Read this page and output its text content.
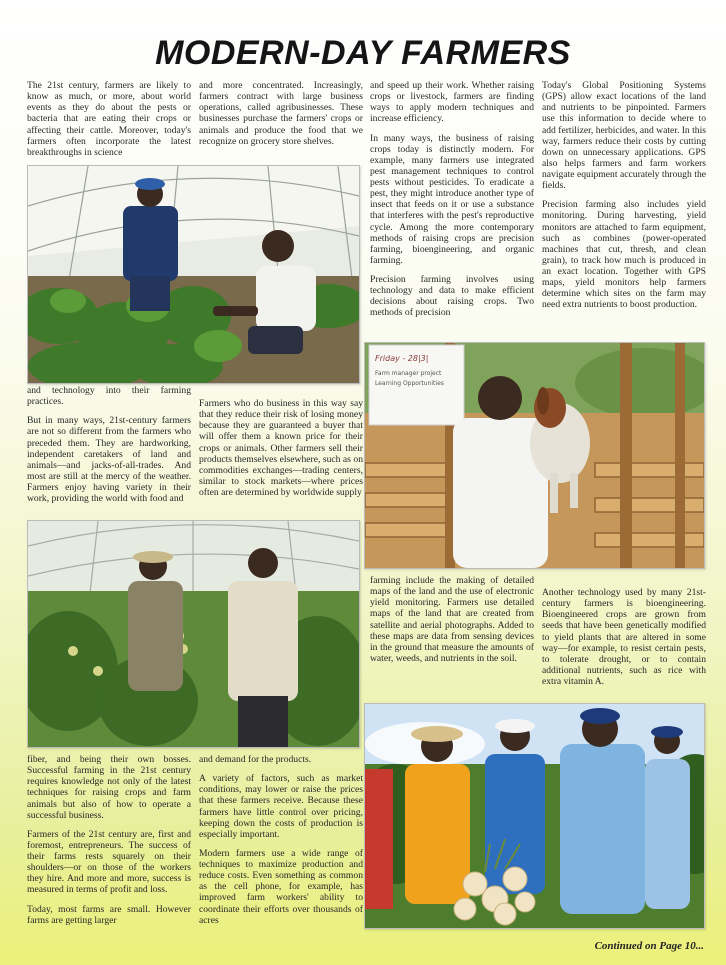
MODERN-DAY FARMERS

The 21st century, farmers are likely to know as much, or more, about world events as they do about the pests or bacteria that are eating their crops or affecting their cattle. Moreover, today's farmers often incorporate the latest breakthroughs in science

and more concentrated. Increasingly, farmers contract with large business operations, called agribusinesses. These businesses purchase the farmers' crops or animals and produce the food that we recognize on grocery store shelves.

and speed up their work. Whether raising crops or livestock, farmers are finding ways to apply modern techniques and increase efficiency.

In many ways, the business of raising crops today is distinctly modern. For example, many farmers use integrated pest management techniques to control pests without pesticides. To eradicate a pest, they might introduce another type of insect that feeds on it or use a substance that interferes with the pest's reproductive cycle. Among the more contemporary methods of raising crops are precision farming, bioengineering, and organic farming.

Precision farming involves using technology and data to make efficient decisions about raising crops. Two methods of precision

Today's Global Positioning Systems (GPS) allow exact locations of the land and nutrients to be pinpointed. Farmers use this information to decide where to add fertilizer, herbicides, and water. In this way, farmers reduce their costs by cutting down on unnecessary applications. GPS also helps farmers and farm workers navigate equipment accurately through the fields.

Precision farming also includes yield monitoring. During harvesting, yield monitors are attached to farm equipment, such as combines (power-operated machines that cut, thresh, and clean grain), to track how much is produced in an exact location. Together with GPS maps, yield monitors help farmers determine which sites on the farm may need extra nutrients to boost production.

Friday - 28|3|
Farm manager project
Learning Opportunities

and technology into their farming practices.

But in many ways, 21st-century farmers are not so different from the farmers who preceded them. They are hardworking, independent caretakers of land and animals—and jacks-of-all-trades. And most are still at the mercy of the weather. Farmers enjoy having variety in their work, providing the world with food and

Farmers who do business in this way say that they reduce their risk of losing money because they are guaranteed a buyer that will offer them a known price for their crops or animals. Other farmers sell their products themselves elsewhere, such as on commodities exchanges—trading centers, similar to stock markets—where prices often are determined by worldwide supply

farming include the making of detailed maps of the land and the use of electronic yield monitoring. Farmers use detailed maps of the land that are created from satellite and aerial photographs. Added to these maps are data from sensing devices in the ground that measure the amounts of water, weeds, and nutrients in the soil.

Another technology used by many 21st-century farmers is bioengineering. Bioengineered crops are grown from seeds that have been genetically modified to yield plants that are altered in some way—for example, to resist certain pests, to tolerate drought, or to contain additional nutrients, such as rice with extra vitamin A.

fiber, and being their own bosses. Successful farming in the 21st century requires knowledge not only of the latest techniques for raising crops and farm animals but also of how to operate a successful business.

Farmers of the 21st century are, first and foremost, entrepreneurs. The success of their farms rests squarely on their shoulders—or on those of the workers they hire. And more and more, success is measured in terms of profit and loss.

Today, most farms are small. However farms are getting larger

and demand for the products.

A variety of factors, such as market conditions, may lower or raise the prices that these farmers receive. Because these farmers have little control over pricing, keeping down the costs of production is especially important.

Modern farmers use a wide range of techniques to maximize production and reduce costs. Even something as common as the cell phone, for example, has improved farm workers' ability to coordinate their efforts over thousands of acres

Continued on Page 10...
